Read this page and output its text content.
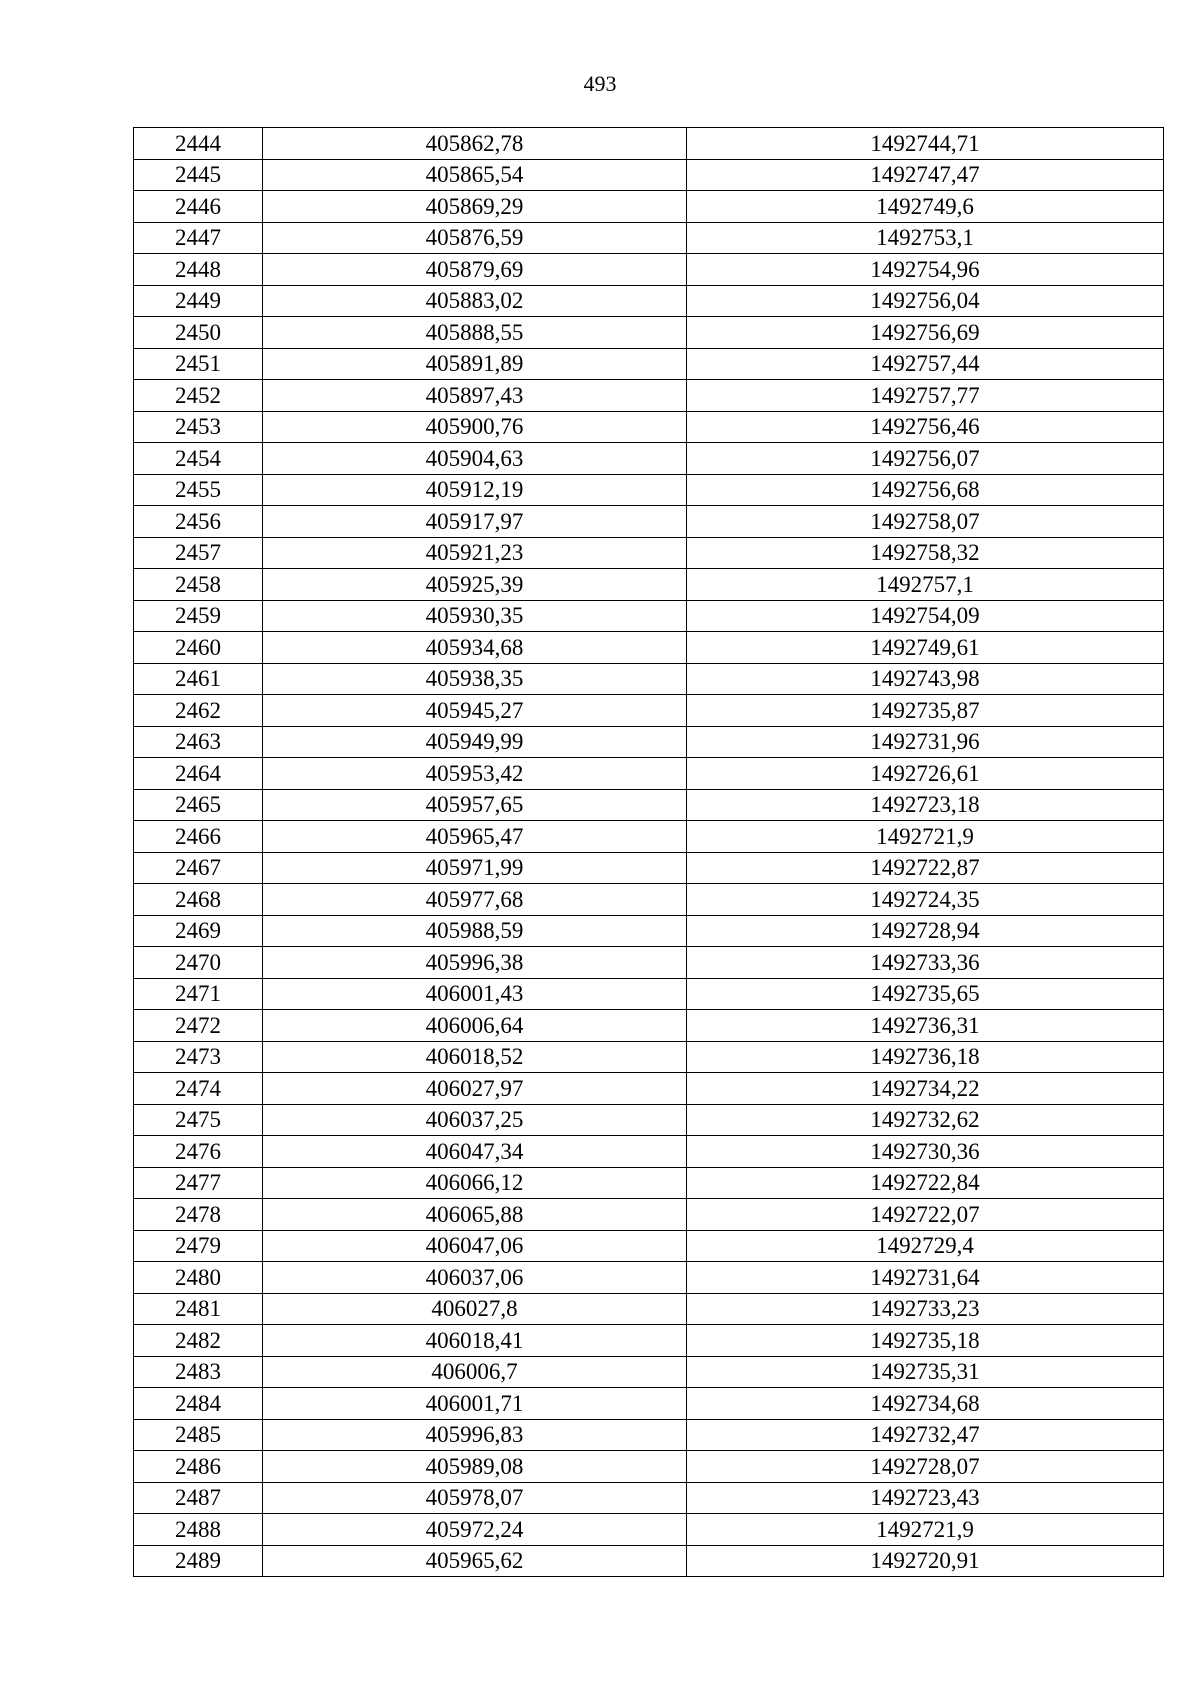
493
2444	405862,78	1492744,71
2445	405865,54	1492747,47
2446	405869,29	1492749,6
2447	405876,59	1492753,1
2448	405879,69	1492754,96
2449	405883,02	1492756,04
2450	405888,55	1492756,69
2451	405891,89	1492757,44
2452	405897,43	1492757,77
2453	405900,76	1492756,46
2454	405904,63	1492756,07
2455	405912,19	1492756,68
2456	405917,97	1492758,07
2457	405921,23	1492758,32
2458	405925,39	1492757,1
2459	405930,35	1492754,09
2460	405934,68	1492749,61
2461	405938,35	1492743,98
2462	405945,27	1492735,87
2463	405949,99	1492731,96
2464	405953,42	1492726,61
2465	405957,65	1492723,18
2466	405965,47	1492721,9
2467	405971,99	1492722,87
2468	405977,68	1492724,35
2469	405988,59	1492728,94
2470	405996,38	1492733,36
2471	406001,43	1492735,65
2472	406006,64	1492736,31
2473	406018,52	1492736,18
2474	406027,97	1492734,22
2475	406037,25	1492732,62
2476	406047,34	1492730,36
2477	406066,12	1492722,84
2478	406065,88	1492722,07
2479	406047,06	1492729,4
2480	406037,06	1492731,64
2481	406027,8	1492733,23
2482	406018,41	1492735,18
2483	406006,7	1492735,31
2484	406001,71	1492734,68
2485	405996,83	1492732,47
2486	405989,08	1492728,07
2487	405978,07	1492723,43
2488	405972,24	1492721,9
2489	405965,62	1492720,91
